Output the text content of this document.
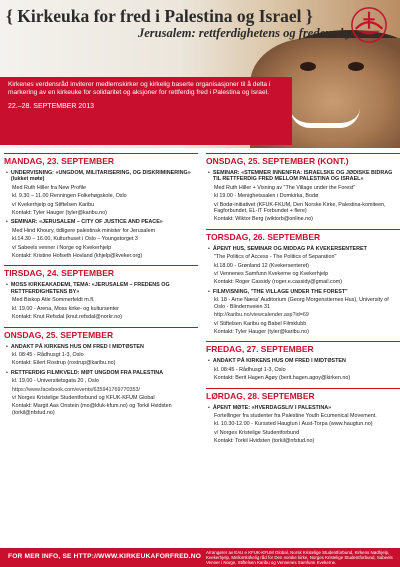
{ Kirkeuka for fred i Palestina og Israel }
Jerusalem: rettferdighetens og fredens by
Kirkenes verdensråd inviterer medlemskirker og kirkelig baserte organisasjoner til å delta i markering av en kirkeuke for solidaritet og aksjoner for rettferdig fred i Palestina og Israel.
22.–28. SEPTEMBER 2013
MANDAG, 23. SEPTEMBER
▪ UNDERVISNING: «UNGDOM, MILITARISERING, OG DISKRIMINERING» (lukket møte)
Med Ruth Hiller fra New Profile
kl. 9.30 – 11.00 Renningen Folkehøgskole, Oslo
v/ Kvekerhjelp og Stiftelsen Karibu
Kontakt: Tyler Hauger (tyler@karibu.no)
▪ SEMINAR: «JERUSALEM – CITY OF JUSTICE AND PEACE»
Med Hind Khoury, tidligere palestinsk minister for Jerusalem
kl.14.30 – 16.00, Kulturhuset i Oslo – Youngstorget 3
v/ Sabeels venner i Norge og Kvekerhjelp
Kontakt: Kristine Hofseth Hovland (khjelp@kveker.org)
TIRSDAG, 24. SEPTEMBER
▪ MOSS KIRKEAKADEMI, TEMA: «JERUSALEM – FREDENS OG RETTFERDIGHETENS BY»
Med Biskop Atle Sommerfeldt m.fl.
kl. 19.00 - Arena, Moss kirke- og kultursenter
Kontakt: Knut Refsdal (knut.refsdal@norkr.no)
ONSDAG, 25. SEPTEMBER
▪ ANDAKT PÅ KIRKENS HUS OM FRED I MIDTØSTEN
kl. 08:45 - Rådhusgt 1-3, Oslo
Kontakt: Eilert Rostrup (rostrup@karibu.no)
▪ RETTFERDIG FILMKVELD: MØT UNGDOM FRA PALESTINA
kl. 19.00 - Universitetsgata 20 , Oslo
https://www.facebook.com/events/635941769770353/
v/ Norges Kristelige Studentforbund og KFUK-KFUM Global
Kontakt: Margit Aas Onstein (mo@kfuk-kfum.no) og Torkil Hvidsten (torkil@nfstud.no)
ONSDAG, 25. SEPTEMBER (KONT.)
▪ SEMINAR: «STEMMER INNENFRA: ISRAELSKE OG JØDISKE BIDRAG TIL RETTFERDIG FRED MELLOM PALESTINA OG ISRAEL»
Med Ruth Hiller + Visning av "The Village under the Forest"
kl 19.00 - Menighetssalen i Domkirka, Bodø
v/ Bodø-initiativet (KFUK-FKUM, Den Norske Kirke, Palestina-komiteen, Fagforbundet, EL-IT Forbundet + flere)
Kontakt: Wiktor Berg (wiktorb@online.no)
TORSDAG, 26. SEPTEMBER
▪ ÅPENT HUS, SEMINAR OG MIDDAG PÅ KVEKERSENTERET
"The Politics of Access - The Politics of Separation"
kl.18.00 - Grønland 12 (Kvekersenteret)
v/ Vennenes Samfunn Kvekerne og Kvekerhjelp
Kontakt: Roger Cassidy (roger.e.cassidy@gmail.com)
▪ FILMVISNING, "THE VILLAGE UNDER THE FOREST"
kl. 18 - Arne Næss' Auditorium (Georg Morgenstiernes Hus), University of Oslo - Blindernveien 31
http://karibu.no/viewcalender.asp?id=69
v/ Stiftelsen Karibu og Babel Filmklubb
Kontakt: Tyler Hauger (tyler@karibu.no)
FREDAG, 27. SEPTEMBER
▪ ANDAKT PÅ KIRKENS HUS OM FRED I MIDTØSTEN
kl. 08:45 - Rådhusgt 1-3, Oslo
Kontakt: Berit Hagen Agøy (berit.hagen.agoy@kirken.no)
LØRDAG, 28. SEPTEMBER
▪ ÅPENT MØTE: «HVERDAGSLIV I PALESTINA»
Fortellinger fra studenter fra Palestine Youth Ecumenical Movement.
kl. 10.30-12.00 - Kurssted Haugtun i Aust-Torpa (www.haugtun.no)
v/ Norges Kristelige Studentforbund
Kontakt: Torkil Hvidsten (torkil@nfstud.no)
FOR MER INFO, SE HTTP://WWW.KIRKEUKAFORFRED.NO
Arrangører av EAU e KFUK-KFUM Global, Norsk Kristelige Studentforbund, Kirkens Nødhjelp, Kvekerhjelp, Mellomkirkelig råd for Den norske kirke, Norges Kristelige Studentforbund, Sabeels Venner i Norge, Stiftelsen Karibu og Vennenes Samfunn Kvekerne.
